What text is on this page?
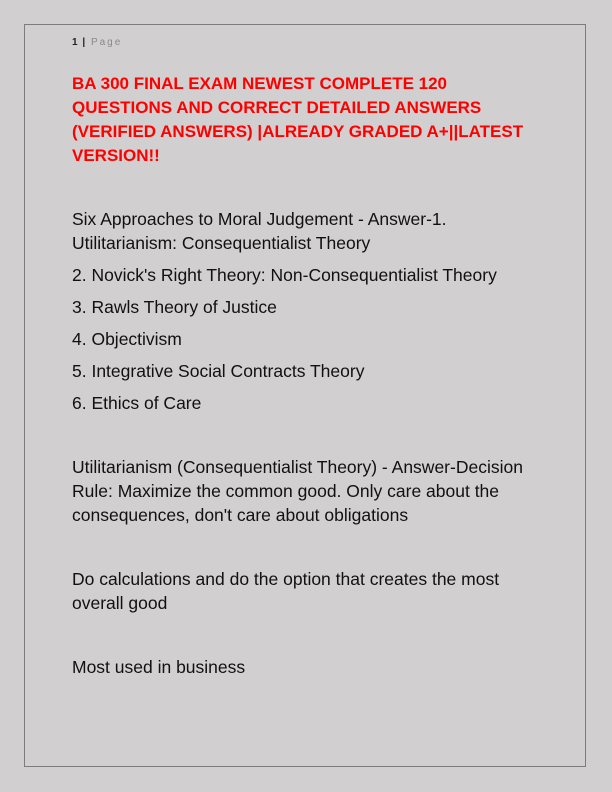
1 | Page
BA 300 FINAL EXAM NEWEST COMPLETE 120 QUESTIONS AND CORRECT DETAILED ANSWERS (VERIFIED ANSWERS) |ALREADY GRADED A+||LATEST VERSION!!

Six Approaches to Moral Judgement - Answer-1. Utilitarianism: Consequentialist Theory

2. Novick's Right Theory: Non-Consequentialist Theory

3. Rawls Theory of Justice

4. Objectivism

5. Integrative Social Contracts Theory

6. Ethics of Care

Utilitarianism (Consequentialist Theory) - Answer-Decision Rule: Maximize the common good. Only care about the consequences, don't care about obligations

Do calculations and do the option that creates the most overall good

Most used in business
